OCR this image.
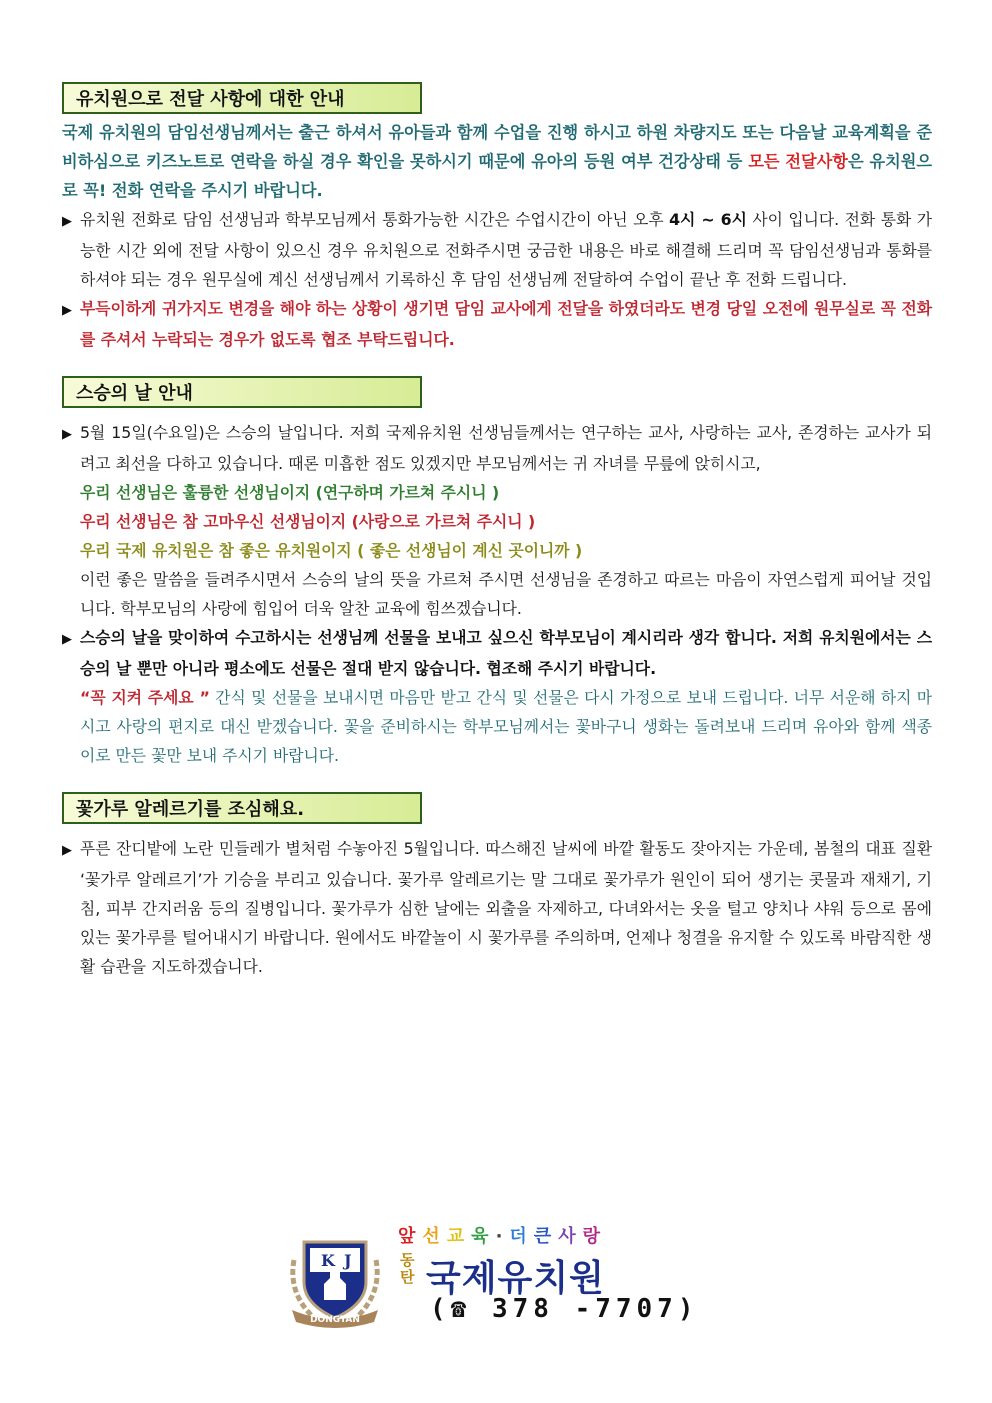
유치원으로 전달 사항에 대한 안내
국제 유치원의 담임선생님께서는 출근 하셔서 유아들과 함께 수업을 진행 하시고 하원 차량지도 또는 다음날 교육계획을 준비하심으로 키즈노트로 연락을 하실 경우 확인을 못하시기 때문에 유아의 등원 여부 건강상태 등 모든 전달사항은 유치원으로 꼭! 전화 연락을 주시기 바랍니다.
▶ 유치원 전화로 담임 선생님과 학부모님께서 통화가능한 시간은 수업시간이 아닌 오후 4시 ~ 6시 사이 입니다. 전화 통화 가능한 시간 외에 전달 사항이 있으신 경우 유치원으로 전화주시면 궁금한 내용은 바로 해결해 드리며 꼭 담임선생님과 통화를 하셔야 되는 경우 원무실에 계신 선생님께서 기록하신 후 담임 선생님께 전달하여 수업이 끝난 후 전화 드립니다.
▶ 부득이하게 귀가지도 변경을 해야 하는 상황이 생기면 담임 교사에게 전달을 하였더라도 변경 당일 오전에 원무실로 꼭 전화를 주셔서 누락되는 경우가 없도록 협조 부탁드립니다.
스승의 날 안내
▶ 5월 15일(수요일)은 스승의 날입니다. 저희 국제유치원 선생님들께서는 연구하는 교사, 사랑하는 교사, 존경하는 교사가 되려고 최선을 다하고 있습니다. 때론 미흡한 점도 있겠지만 부모님께서는 귀 자녀를 무릎에 앉히시고,
우리 선생님은 훌륭한 선생님이지 (연구하며 가르쳐 주시니 )
우리 선생님은 참 고마우신 선생님이지 (사랑으로 가르쳐 주시니 )
우리 국제 유치원은 참 좋은 유치원이지 ( 좋은 선생님이 계신 곳이니까 )
이런 좋은 말씀을 들려주시면서 스승의 날의 뜻을 가르쳐 주시면 선생님을 존경하고 따르는 마음이 자연스럽게 피어날 것입니다. 학부모님의 사랑에 힘입어 더욱 알찬 교육에 힘쓰겠습니다.
▶ 스승의 날을 맞이하여 수고하시는 선생님께 선물을 보내고 싶으신 학부모님이 계시리라 생각 합니다. 저희 유치원에서는 스승의 날 뿐만 아니라 평소에도 선물은 절대 받지 않습니다. 협조해 주시기 바랍니다.
“꼭 지켜 주세요 ” 간식 및 선물을 보내시면 마음만 받고 간식 및 선물은 다시 가정으로 보내 드립니다. 너무 서운해 하지 마시고 사랑의 편지로 대신 받겠습니다. 꽃을 준비하시는 학부모님께서는 꽃바구니 생화는 돌려보내 드리며 유아와 함께 색종이로 만든 꽃만 보내 주시기 바랍니다.
꽃가루 알레르기를 조심해요.
▶ 푸른 잔디밭에 노란 민들레가 별처럼 수놓아진 5월입니다. 따스해진 날씨에 바깥 활동도 잦아지는 가운데, 봄철의 대표 질환 ‘꽃가루 알레르기’가 기승을 부리고 있습니다. 꽃가루 알레르기는 말 그대로 꽃가루가 원인이 되어 생기는 콧물과 재채기, 기침, 피부 간지러움 등의 질병입니다. 꽃가루가 심한 날에는 외출을 자제하고, 다녀와서는 옷을 털고 양치나 샤워 등으로 몸에 있는 꽃가루를 털어내시기 바랍니다. 원에서도 바깥놀이 시 꽃가루를 주의하며, 언제나 청결을 유지할 수 있도록 바람직한 생활 습관을 지도하겠습니다.
K J
DONGTAN
앞 선 교 육 · 더 큰 사 랑
동탄 국제유치원
(☎ 378 -7707)
